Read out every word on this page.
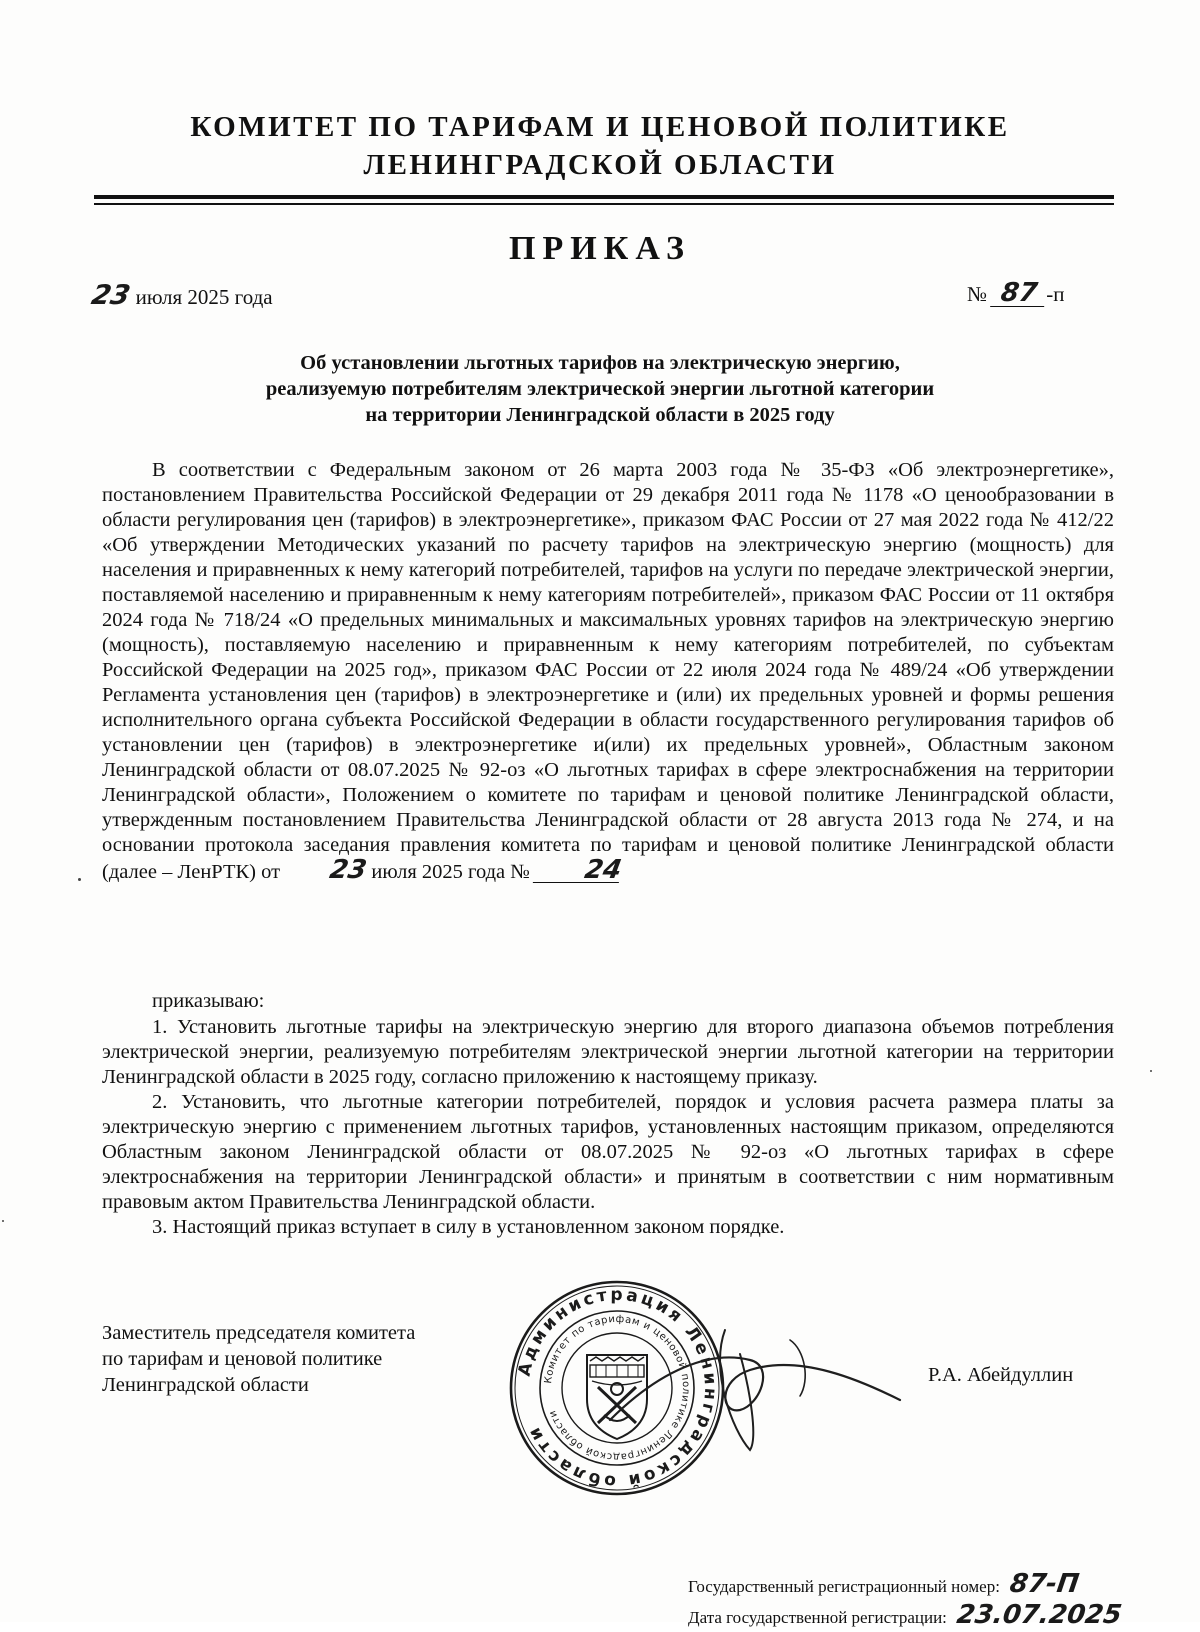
КОМИТЕТ ПО ТАРИФАМ И ЦЕНОВОЙ ПОЛИТИКЕ
ЛЕНИНГРАДСКОЙ ОБЛАСТИ
ПРИКАЗ
23 июля 2025 года	№ 87 -п
Об установлении льготных тарифов на электрическую энергию,
реализуемую потребителям электрической энергии льготной категории
на территории Ленинградской области в 2025 году
В соответствии с Федеральным законом от 26 марта 2003 года № 35-ФЗ «Об электроэнергетике», постановлением Правительства Российской Федерации от 29 декабря 2011 года № 1178 «О ценообразовании в области регулирования цен (тарифов) в электроэнергетике», приказом ФАС России от 27 мая 2022 года № 412/22 «Об утверждении Методических указаний по расчету тарифов на электрическую энергию (мощность) для населения и приравненных к нему категорий потребителей, тарифов на услуги по передаче электрической энергии, поставляемой населению и приравненным к нему категориям потребителей», приказом ФАС России от 11 октября 2024 года № 718/24 «О предельных минимальных и максимальных уровнях тарифов на электрическую энергию (мощность), поставляемую населению и приравненным к нему категориям потребителей, по субъектам Российской Федерации на 2025 год», приказом ФАС России от 22 июля 2024 года № 489/24 «Об утверждении Регламента установления цен (тарифов) в электроэнергетике и (или) их предельных уровней и формы решения исполнительного органа субъекта Российской Федерации в области государственного регулирования тарифов об установлении цен (тарифов) в электроэнергетике и(или) их предельных уровней», Областным законом Ленинградской области от 08.07.2025 № 92-оз «О льготных тарифах в сфере электроснабжения на территории Ленинградской области», Положением о комитете по тарифам и ценовой политике Ленинградской области, утвержденным постановлением Правительства Ленинградской области от 28 августа 2013 года № 274, и на основании протокола заседания правления комитета по тарифам и ценовой политике Ленинградской области (далее – ЛенРТК) от 23 июля 2025 года № 24
приказываю:

1. Установить льготные тарифы на электрическую энергию для второго диапазона объемов потребления электрической энергии, реализуемую потребителям электрической энергии льготной категории на территории Ленинградской области в 2025 году, согласно приложению к настоящему приказу.

2. Установить, что льготные категории потребителей, порядок и условия расчета размера платы за электрическую энергию с применением льготных тарифов, установленных настоящим приказом, определяются Областным законом Ленинградской области от 08.07.2025 № 92-оз «О льготных тарифах в сфере электроснабжения на территории Ленинградской области» и принятым в соответствии с ним нормативным правовым актом Правительства Ленинградской области.

3. Настоящий приказ вступает в силу в установленном законом порядке.

Заместитель председателя комитета
по тарифам и ценовой политике
Ленинградской области
Администрация Ленинградской области
Комитет по тарифам и ценовой политике Ленинградской области
Р.А. Абейдуллин
Государственный регистрационный номер: 87-П
Дата государственной регистрации: 23.07.2025
